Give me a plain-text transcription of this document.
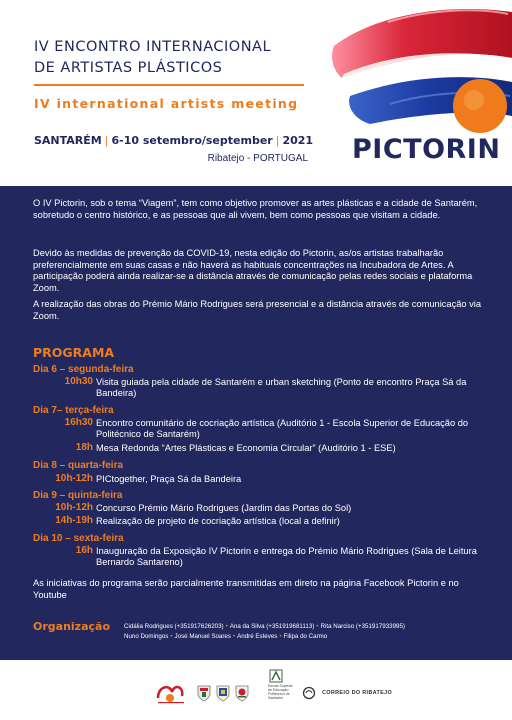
IV ENCONTRO INTERNACIONAL
DE ARTISTAS PLÁSTICOS
IV international artists meeting
SANTARÉM | 6-10 setembro/september | 2021
Ribatejo - PORTUGAL PICTORIN
O IV Pictorin, sob o tema “Viagem”, tem como objetivo promover as artes plásticas e a cidade de Santarém, sobretudo o centro histórico, e as pessoas que ali vivem, bem como pessoas que visitam a cidade.
Devido às medidas de prevenção da COVID-19, nesta edição do Pictorin, as/os artistas trabalharão preferencialmente em suas casas e não haverá as habituais concentrações na Incubadora de Artes. A participação poderá ainda realizar-se a distância através de comunicação pelas redes sociais e plataforma Zoom.
A realização das obras do Prémio Mário Rodrigues será presencial e a distância através de comunicação via Zoom.
PROGRAMA
Dia 6 – segunda-feira
10h30 Visita guiada pela cidade de Santarém e urban sketching (Ponto de encontro Praça Sá da Bandeira)
Dia 7– terça-feira
16h30 Encontro comunitário de cocriação artística (Auditório 1 - Escola Superior de Educação do Politécnico de Santarém)
18h Mesa Redonda “Artes Plásticas e Economia Circular” (Auditório 1 - ESE)
Dia 8 – quarta-feira
10h-12h PICtogether, Praça Sá da Bandeira
Dia 9 – quinta-feira
10h-12h Concurso Prémio Mário Rodrigues (Jardim das Portas do Sol)
14h-19h Realização de projeto de cocriação artística (local a definir)
Dia 10 – sexta-feira
16h Inauguração da Exposição IV Pictorin e entrega do Prémio Mário Rodrigues (Sala de Leitura Bernardo Santareno)
As iniciativas do programa serão parcialmente transmitidas em direto na página Facebook Pictorin e no Youtube
Organização Cidália Rodrigues (+351917626203) • Ana da Silva (+351919681113) • Rita Narciso (+351917933995)
Nuno Domingos • José Manuel Soares • André Esteves • Filipa do Carmo
Escola Superior de Educação Politécnico de Santarém
CORREIO DO RIBATEJO
